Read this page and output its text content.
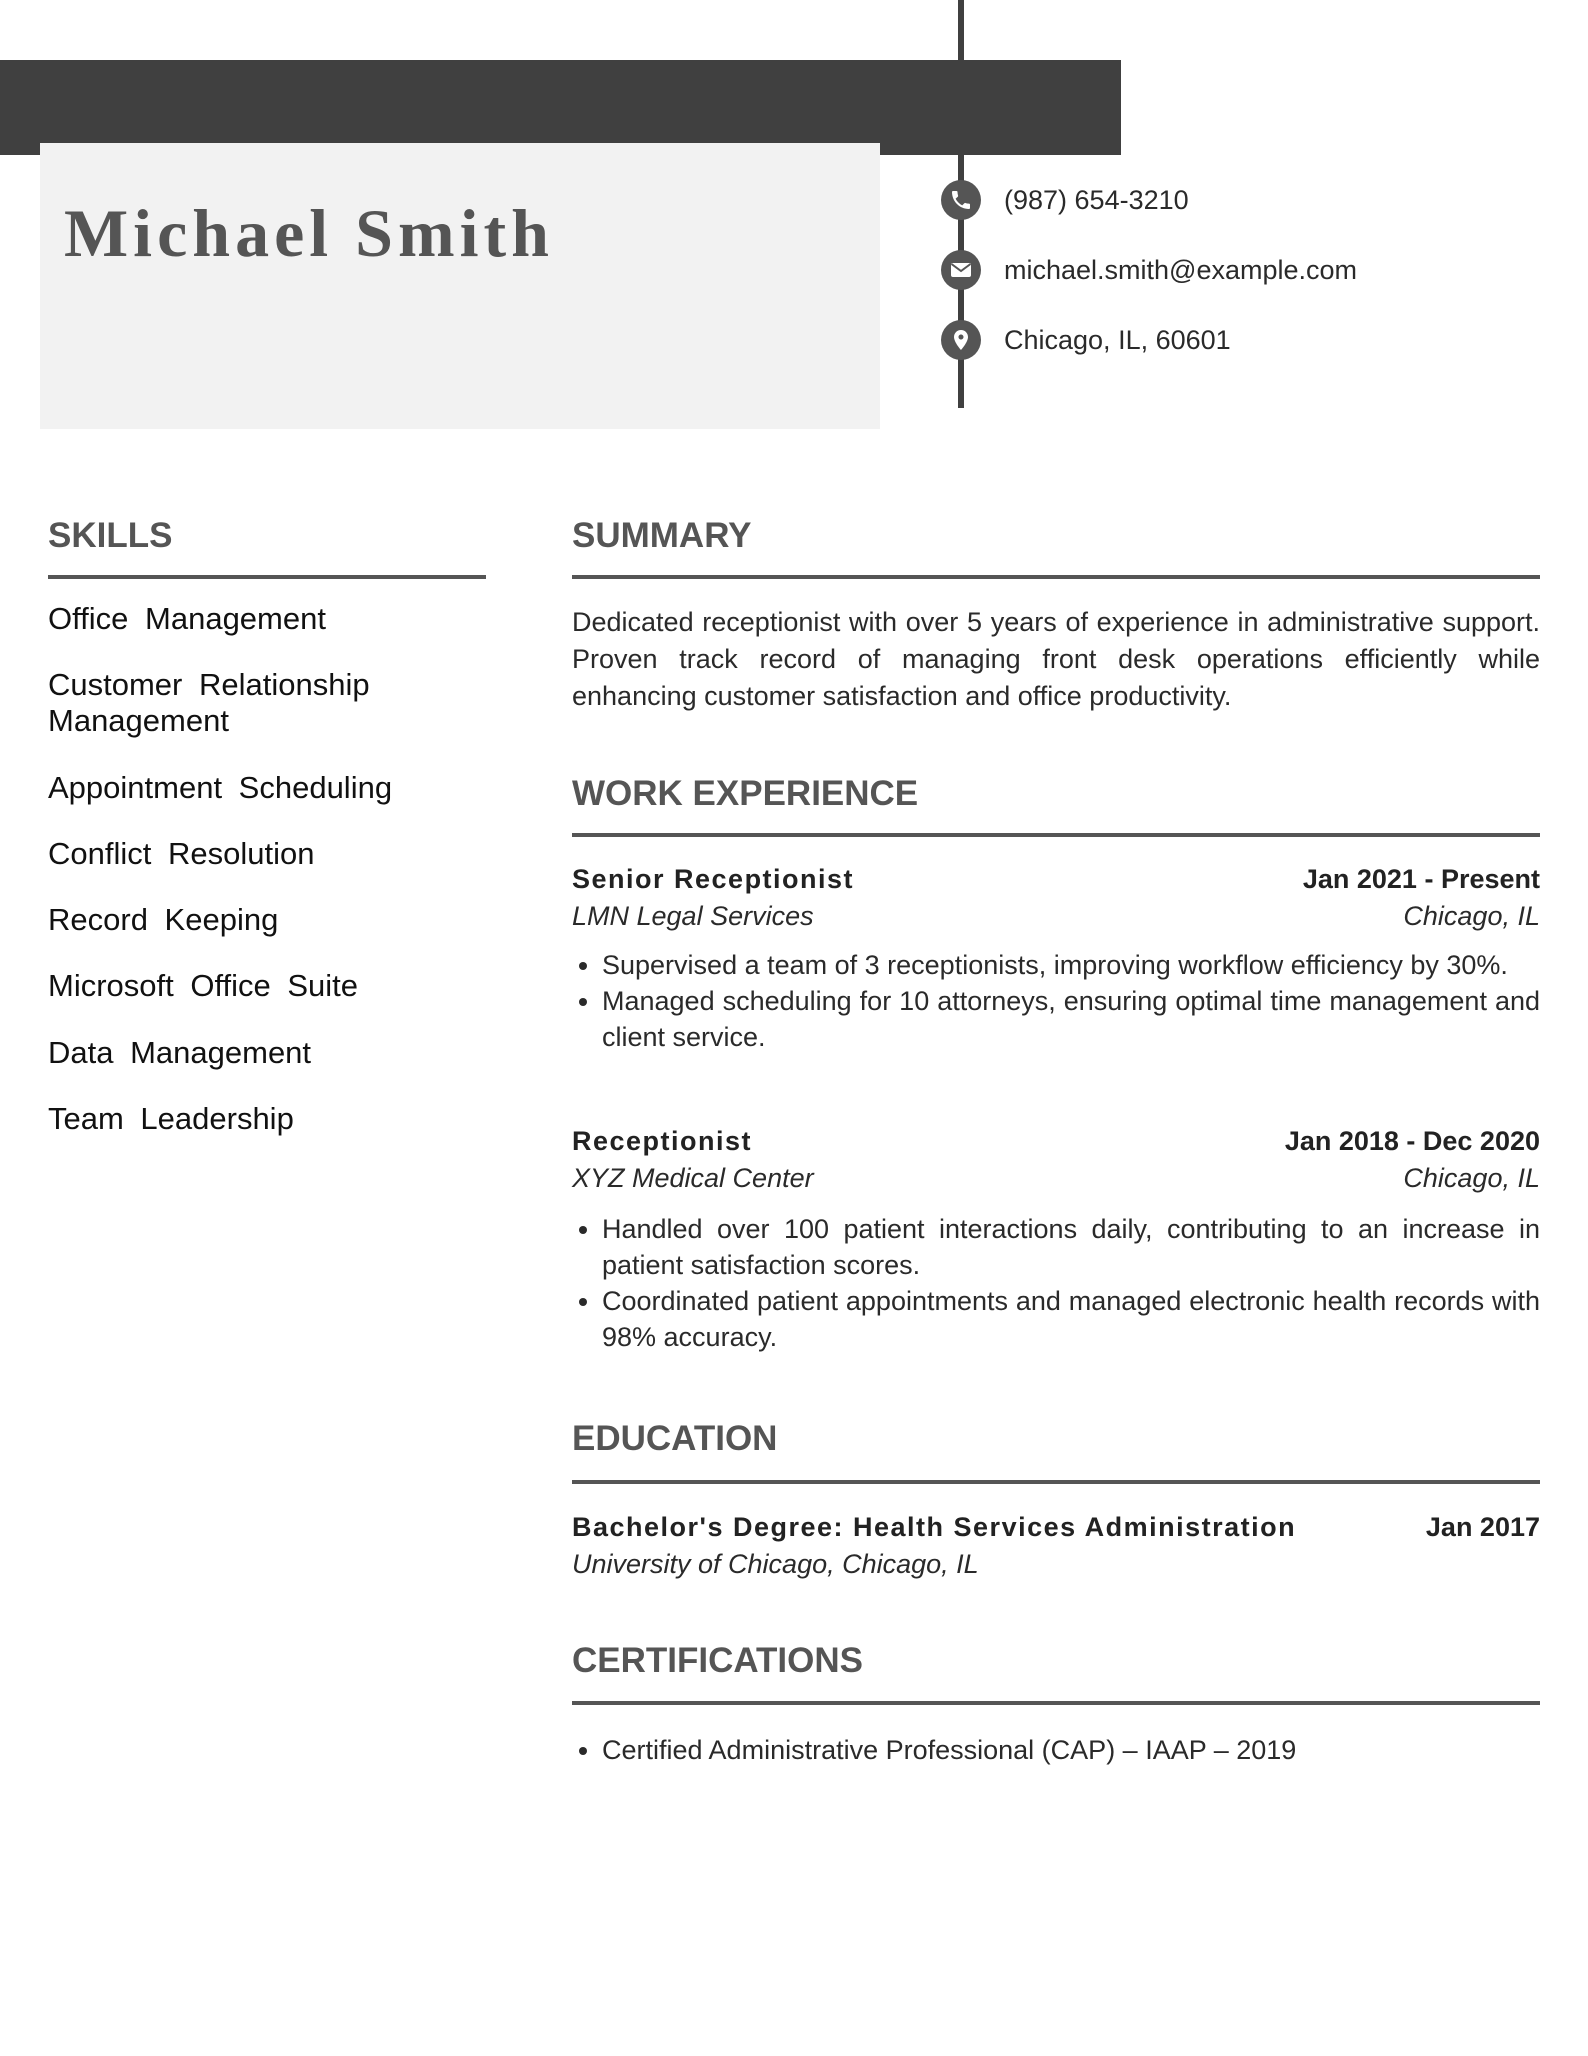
Michael Smith	(987) 654-3210
michael.smith@example.com
Chicago, IL, 60601
SKILLS
Office Management
Customer Relationship Management
Appointment Scheduling
Conflict Resolution
Record Keeping
Microsoft Office Suite
Data Management
Team Leadership
SUMMARY

Dedicated receptionist with over 5 years of experience in administrative support. Proven track record of managing front desk operations efficiently while enhancing customer satisfaction and office productivity.

WORK EXPERIENCE
Senior Receptionist	Jan 2021 - Present
LMN Legal Services	Chicago, IL
• Supervised a team of 3 receptionists, improving workflow efficiency by 30%.
• Managed scheduling for 10 attorneys, ensuring optimal time management and client service.
Receptionist	Jan 2018 - Dec 2020
XYZ Medical Center	Chicago, IL
• Handled over 100 patient interactions daily, contributing to an increase in patient satisfaction scores.
• Coordinated patient appointments and managed electronic health records with 98% accuracy.
EDUCATION
Bachelor's Degree: Health Services Administration	Jan 2017
University of Chicago, Chicago, IL
CERTIFICATIONS
• Certified Administrative Professional (CAP) – IAAP – 2019
